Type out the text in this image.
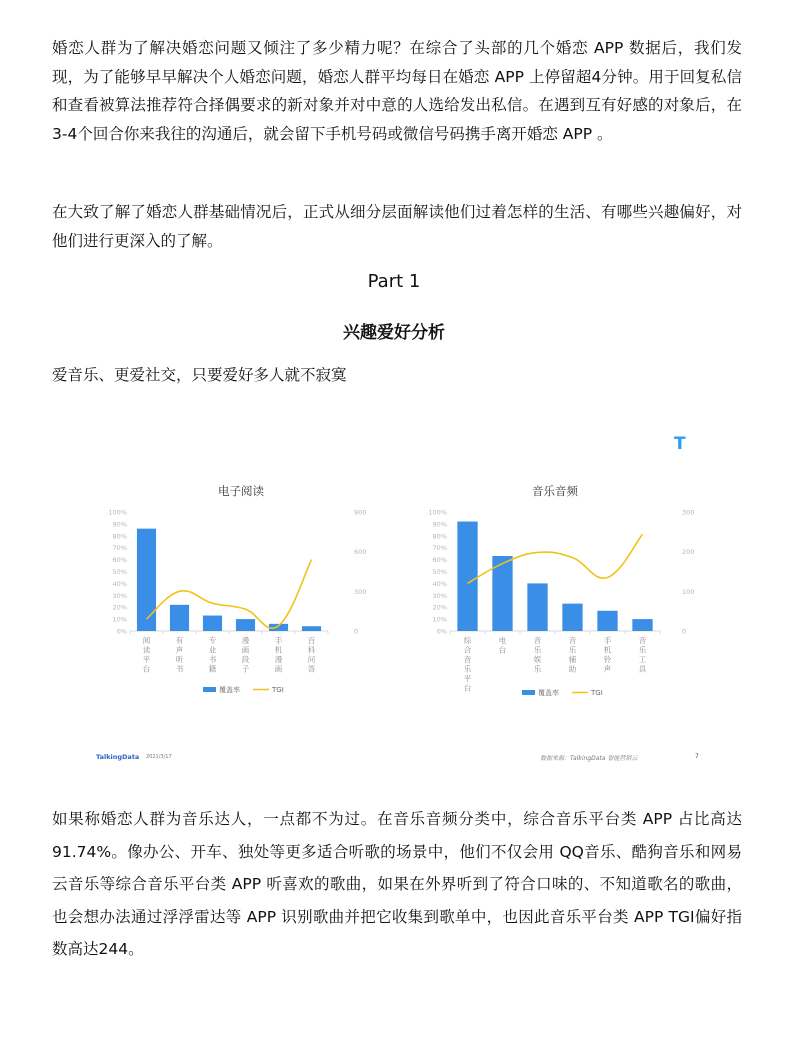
婚恋人群为了解决婚恋问题又倾注了多少精力呢？在综合了头部的几个婚恋 APP 数据后，我们发现，为了能够早早解决个人婚恋问题，婚恋人群平均每日在婚恋 APP 上停留超4分钟。用于回复私信和查看被算法推荐符合择偶要求的新对象并对中意的人选给发出私信。在遇到互有好感的对象后，在3-4个回合你来我往的沟通后，就会留下手机号码或微信号码携手离开婚恋 APP 。
在大致了解了婚恋人群基础情况后，正式从细分层面解读他们过着怎样的生活、有哪些兴趣偏好，对他们进行更深入的了解。
Part 1
兴趣爱好分析
爱音乐、更爱社交，只要爱好多人就不寂寞
电子阅读
0%
10%
20%
30%
40%
50%
60%
70%
80%
90%
100%
0
300
600
900
阅
读
平
台
有
声
听
书
专
业
书
籍
漫
画
段
子
手
机
漫
画
百
科
问
答
覆盖率	TGI
音乐音频
0%
10%
20%
30%
40%
50%
60%
70%
80%
90%
100%
0
100
200
300
综
合
音
乐
平
台
电
台
音
乐
娱
乐
音
乐
辅
助
手
机
铃
声
音
乐
工
具
覆盖率	TGI
T
TalkingData 2021/3/17	数据来源：TalkingData 智能营销云	7
如果称婚恋人群为音乐达人，一点都不为过。在音乐音频分类中，综合音乐平台类 APP 占比高达91.74%。像办公、开车、独处等更多适合听歌的场景中，他们不仅会用 QQ音乐、酷狗音乐和网易云音乐等综合音乐平台类 APP 听喜欢的歌曲，如果在外界听到了符合口味的、不知道歌名的歌曲，也会想办法通过浮浮雷达等 APP 识别歌曲并把它收集到歌单中，也因此音乐平台类 APP TGI偏好指数高达244。
